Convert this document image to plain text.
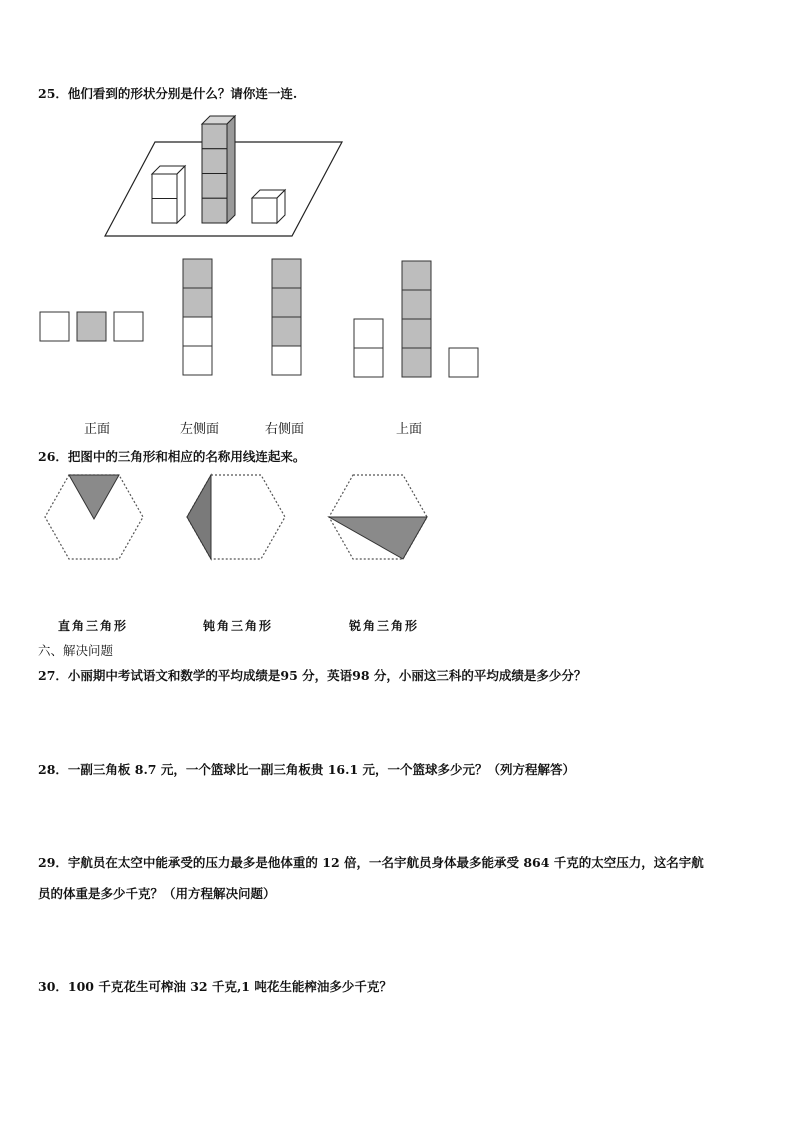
25．他们看到的形状分别是什么？请你连一连.
正面	左侧面	右侧面	上面
26．把图中的三角形和相应的名称用线连起来。
直角三角形	钝角三角形	锐角三角形
六、解决问题
27．小丽期中考试语文和数学的平均成绩是95 分，英语98 分，小丽这三科的平均成绩是多少分？
28．一副三角板 8.7 元，一个篮球比一副三角板贵 16.1 元，一个篮球多少元？（列方程解答）
29．宇航员在太空中能承受的压力最多是他体重的 12 倍，一名宇航员身体最多能承受 864 千克的太空压力，这名宇航
员的体重是多少千克？（用方程解决问题）
30．100 千克花生可榨油 32 千克,1 吨花生能榨油多少千克？
